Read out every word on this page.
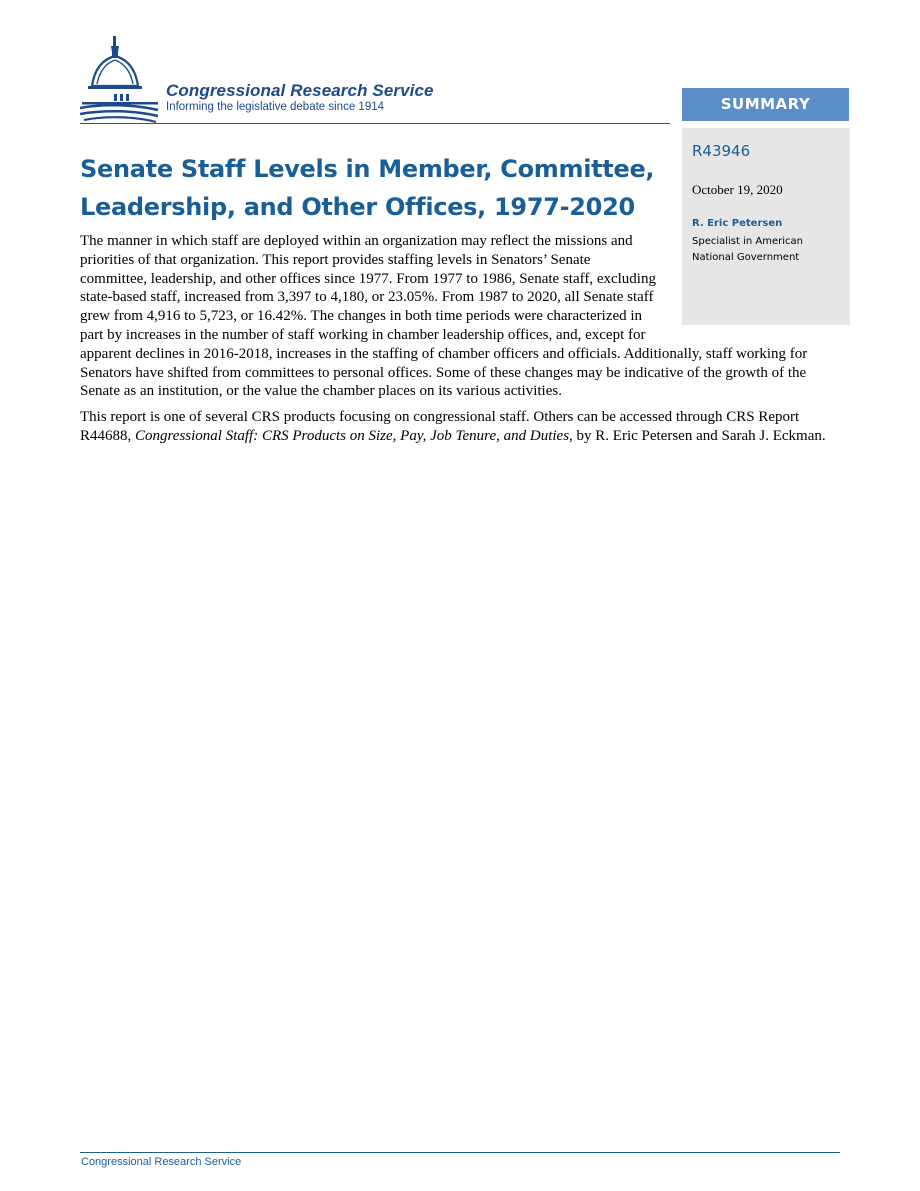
Congressional Research Service
Informing the legislative debate since 1914	SUMMARY
R43946
October 19, 2020
R. Eric Petersen
Specialist in American National Government
Senate Staff Levels in Member, Committee, Leadership, and Other Offices, 1977-2020

The manner in which staff are deployed within an organization may reflect the missions and priorities of that organization. This report provides staffing levels in Senators’ Senate committee, leadership, and other offices since 1977. From 1977 to 1986, Senate staff, excluding state-based staff, increased from 3,397 to 4,180, or 23.05%. From 1987 to 2020, all Senate staff grew from 4,916 to 5,723, or 16.42%. The changes in both time periods were characterized in part by increases in the number of staff working in chamber leadership offices, and, except for apparent declines in 2016-2018, increases in the staffing of chamber officers and officials. Additionally, staff working for Senators have shifted from committees to personal offices. Some of these changes may be indicative of the growth of the Senate as an institution, or the value the chamber places on its various activities.

This report is one of several CRS products focusing on congressional staff. Others can be accessed through CRS Report R44688, Congressional Staff: CRS Products on Size, Pay, Job Tenure, and Duties, by R. Eric Petersen and Sarah J. Eckman.

Congressional Research Service
